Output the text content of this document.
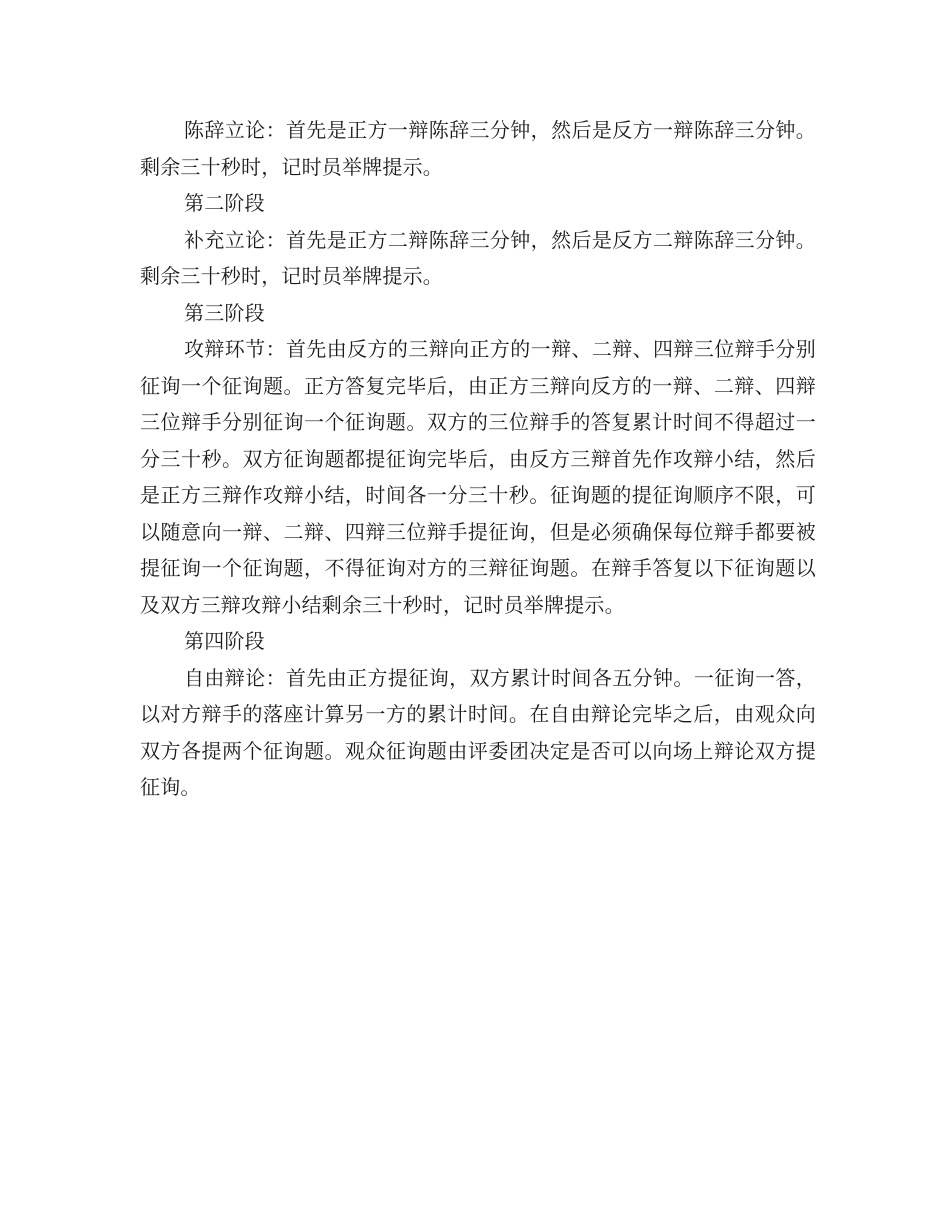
陈辞立论：首先是正方一辩陈辞三分钟，然后是反方一辩陈辞三分钟。剩余三十秒时，记时员举牌提示。

第二阶段

补充立论：首先是正方二辩陈辞三分钟，然后是反方二辩陈辞三分钟。剩余三十秒时，记时员举牌提示。

第三阶段

攻辩环节：首先由反方的三辩向正方的一辩、二辩、四辩三位辩手分别征询一个征询题。正方答复完毕后，由正方三辩向反方的一辩、二辩、四辩三位辩手分别征询一个征询题。双方的三位辩手的答复累计时间不得超过一分三十秒。双方征询题都提征询完毕后，由反方三辩首先作攻辩小结，然后是正方三辩作攻辩小结，时间各一分三十秒。征询题的提征询顺序不限，可以随意向一辩、二辩、四辩三位辩手提征询，但是必须确保每位辩手都要被提征询一个征询题，不得征询对方的三辩征询题。在辩手答复以下征询题以及双方三辩攻辩小结剩余三十秒时，记时员举牌提示。

第四阶段

自由辩论：首先由正方提征询，双方累计时间各五分钟。一征询一答，以对方辩手的落座计算另一方的累计时间。在自由辩论完毕之后，由观众向双方各提两个征询题。观众征询题由评委团决定是否可以向场上辩论双方提征询。
